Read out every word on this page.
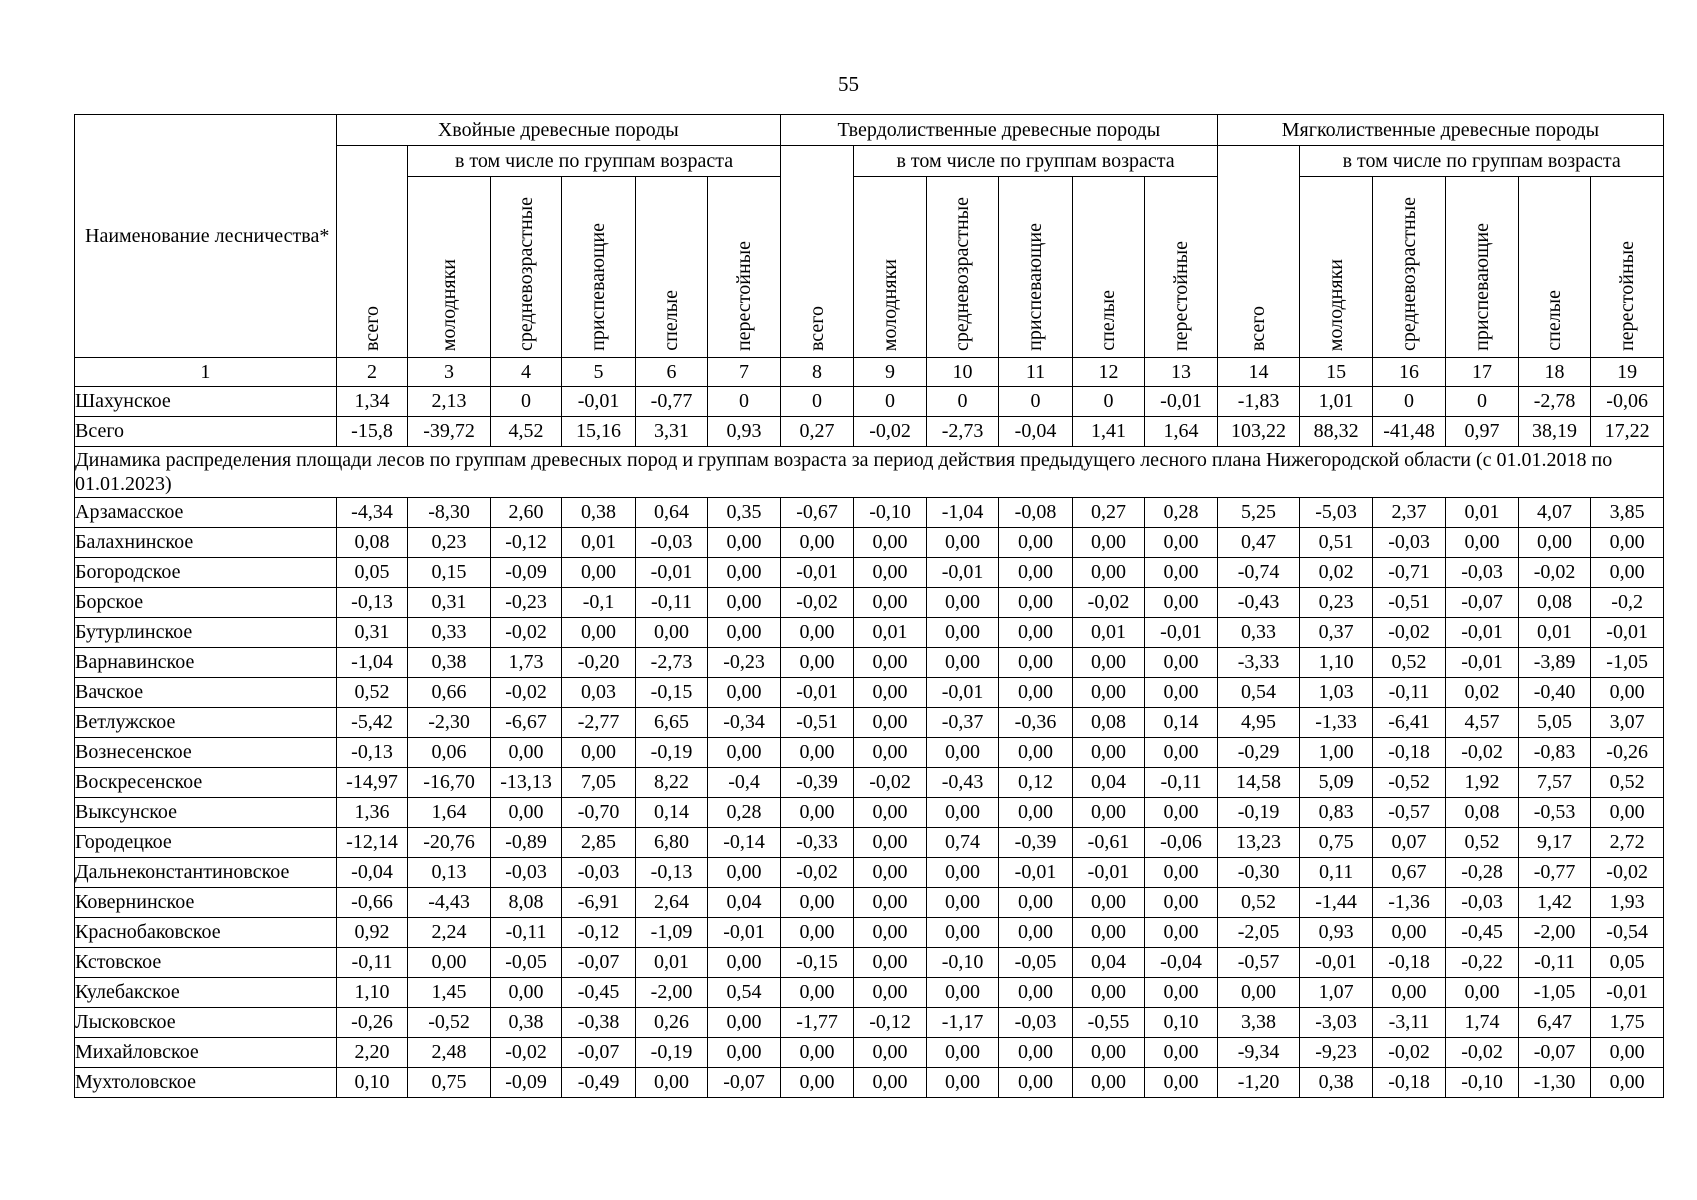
55
Наименование лесничества*	Хвойные древесные породы						Твердолиственные древесные породы						Мягколиственные древесные породы					
	всего	в том числе по группам возраста					всего	в том числе по группам возраста					всего	в том числе по группам возраста				
		молодняки	средневозрастные	приспевающие	спелые	перестойные		молодняки	средневозрастные	приспевающие	спелые	перестойные		молодняки	средневозрастные	приспевающие	спелые	перестойные
1	2	3	4	5	6	7	8	9	10	11	12	13	14	15	16	17	18	19
Шахунское	1,34	2,13	0	-0,01	-0,77	0	0	0	0	0	0	-0,01	-1,83	1,01	0	0	-2,78	-0,06
Всего	-15,8	-39,72	4,52	15,16	3,31	0,93	0,27	-0,02	-2,73	-0,04	1,41	1,64	103,22	88,32	-41,48	0,97	38,19	17,22
Динамика распределения площади лесов по группам древесных пород и группам возраста за период действия предыдущего лесного плана Нижегородской области (с 01.01.2018 по 01.01.2023)																		
Арзамасское	-4,34	-8,30	2,60	0,38	0,64	0,35	-0,67	-0,10	-1,04	-0,08	0,27	0,28	5,25	-5,03	2,37	0,01	4,07	3,85
Балахнинское	0,08	0,23	-0,12	0,01	-0,03	0,00	0,00	0,00	0,00	0,00	0,00	0,00	0,47	0,51	-0,03	0,00	0,00	0,00
Богородское	0,05	0,15	-0,09	0,00	-0,01	0,00	-0,01	0,00	-0,01	0,00	0,00	0,00	-0,74	0,02	-0,71	-0,03	-0,02	0,00
Борское	-0,13	0,31	-0,23	-0,1	-0,11	0,00	-0,02	0,00	0,00	0,00	-0,02	0,00	-0,43	0,23	-0,51	-0,07	0,08	-0,2
Бутурлинское	0,31	0,33	-0,02	0,00	0,00	0,00	0,00	0,01	0,00	0,00	0,01	-0,01	0,33	0,37	-0,02	-0,01	0,01	-0,01
Варнавинское	-1,04	0,38	1,73	-0,20	-2,73	-0,23	0,00	0,00	0,00	0,00	0,00	0,00	-3,33	1,10	0,52	-0,01	-3,89	-1,05
Вачское	0,52	0,66	-0,02	0,03	-0,15	0,00	-0,01	0,00	-0,01	0,00	0,00	0,00	0,54	1,03	-0,11	0,02	-0,40	0,00
Ветлужское	-5,42	-2,30	-6,67	-2,77	6,65	-0,34	-0,51	0,00	-0,37	-0,36	0,08	0,14	4,95	-1,33	-6,41	4,57	5,05	3,07
Вознесенское	-0,13	0,06	0,00	0,00	-0,19	0,00	0,00	0,00	0,00	0,00	0,00	0,00	-0,29	1,00	-0,18	-0,02	-0,83	-0,26
Воскресенское	-14,97	-16,70	-13,13	7,05	8,22	-0,4	-0,39	-0,02	-0,43	0,12	0,04	-0,11	14,58	5,09	-0,52	1,92	7,57	0,52
Выксунское	1,36	1,64	0,00	-0,70	0,14	0,28	0,00	0,00	0,00	0,00	0,00	0,00	-0,19	0,83	-0,57	0,08	-0,53	0,00
Городецкое	-12,14	-20,76	-0,89	2,85	6,80	-0,14	-0,33	0,00	0,74	-0,39	-0,61	-0,06	13,23	0,75	0,07	0,52	9,17	2,72
Дальнеконстантиновское	-0,04	0,13	-0,03	-0,03	-0,13	0,00	-0,02	0,00	0,00	-0,01	-0,01	0,00	-0,30	0,11	0,67	-0,28	-0,77	-0,02
Ковернинское	-0,66	-4,43	8,08	-6,91	2,64	0,04	0,00	0,00	0,00	0,00	0,00	0,00	0,52	-1,44	-1,36	-0,03	1,42	1,93
Краснобаковское	0,92	2,24	-0,11	-0,12	-1,09	-0,01	0,00	0,00	0,00	0,00	0,00	0,00	-2,05	0,93	0,00	-0,45	-2,00	-0,54
Кстовское	-0,11	0,00	-0,05	-0,07	0,01	0,00	-0,15	0,00	-0,10	-0,05	0,04	-0,04	-0,57	-0,01	-0,18	-0,22	-0,11	0,05
Кулебакское	1,10	1,45	0,00	-0,45	-2,00	0,54	0,00	0,00	0,00	0,00	0,00	0,00	0,00	1,07	0,00	0,00	-1,05	-0,01
Лысковское	-0,26	-0,52	0,38	-0,38	0,26	0,00	-1,77	-0,12	-1,17	-0,03	-0,55	0,10	3,38	-3,03	-3,11	1,74	6,47	1,75
Михайловское	2,20	2,48	-0,02	-0,07	-0,19	0,00	0,00	0,00	0,00	0,00	0,00	0,00	-9,34	-9,23	-0,02	-0,02	-0,07	0,00
Мухтоловское	0,10	0,75	-0,09	-0,49	0,00	-0,07	0,00	0,00	0,00	0,00	0,00	0,00	-1,20	0,38	-0,18	-0,10	-1,30	0,00
